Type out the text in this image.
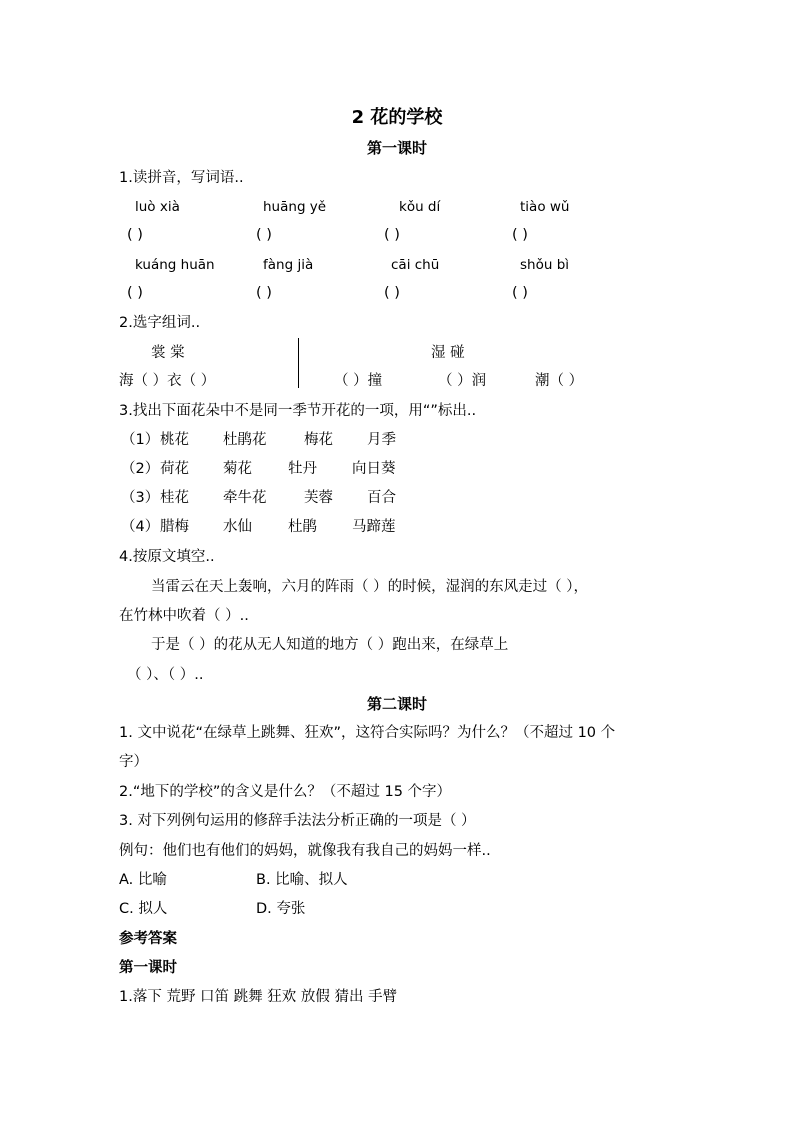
2 花的学校
第一课时
1.读拼音，写词语..
luò xià	huāng yě	kǒu dí	tiào wǔ
( )	( )	( )	( )
kuáng huān	fàng jià	cāi chū	shǒu bì
( )	( )	( )	( )
2.选字组词..
裳 棠	湿 碰
海（ ）衣（ ）	（ ）撞	（ ）润	潮（ ）
3.找出下面花朵中不是同一季节开花的一项，用“”标出..
（1） 桃花 杜鹃花	梅花 月季
（2） 荷花 菊花 牡丹 向日葵
（3） 桂花 牵牛花	芙蓉 百合
（4） 腊梅 水仙 杜鹃 马蹄莲
4.按原文填空..
当雷云在天上轰响，六月的阵雨（ ）的时候，湿润的东风走过（ ），
在竹林中吹着（ ）..
于是（ ）的花从无人知道的地方（ ）跑出来，在绿草上
（ ）、（ ）..
第二课时
1. 文中说花“在绿草上跳舞、狂欢”，这符合实际吗？为什么？（不超过 10 个
字）
2.“地下的学校”的含义是什么？（不超过 15 个字）
3. 对下列例句运用的修辞手法法分析正确的一项是（ ）
例句：他们也有他们的妈妈，就像我有我自己的妈妈一样..
A. 比喻	B. 比喻、拟人
C. 拟人	D. 夸张
参考答案
第一课时
1.落下 荒野 口笛 跳舞 狂欢 放假 猜出 手臂
